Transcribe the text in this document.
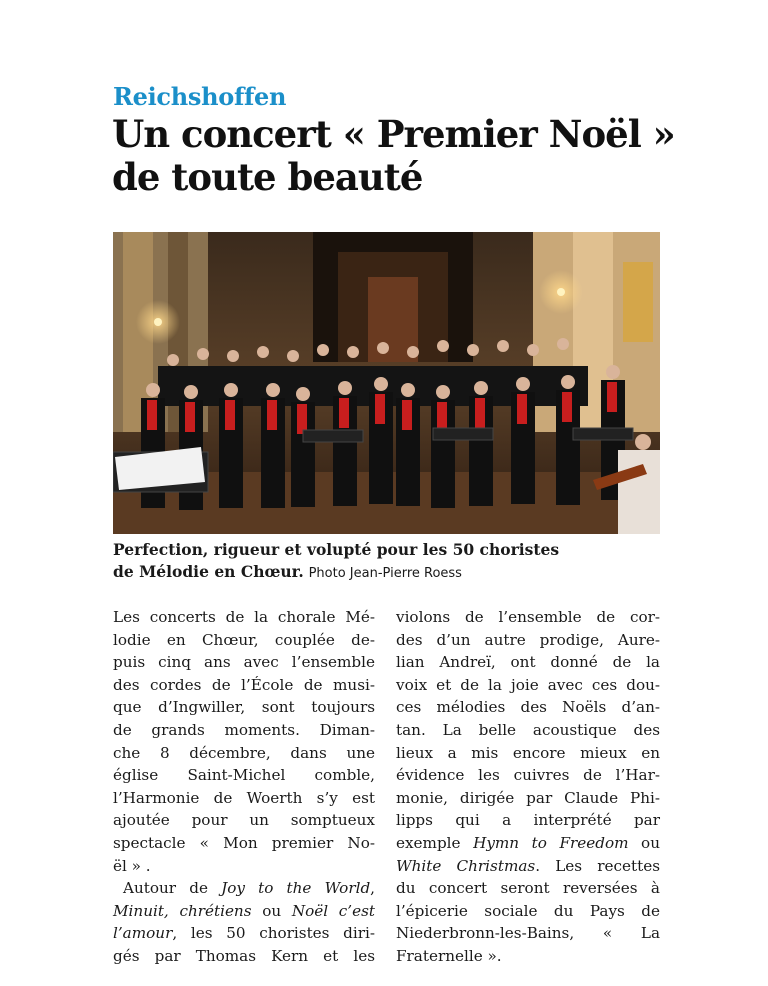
Reichshoffen
Un concert « Premier Noël »
de toute beauté
Perfection, rigueur et volupté pour les 50 choristes
de Mélodie en Chœur. Photo Jean-Pierre Roess
Les concerts de la chorale Mé-
lodie en Chœur, couplée de-
puis cinq ans avec l’ensemble
des cordes de l’École de musi-
que d’Ingwiller, sont toujours
de grands moments. Diman-
che 8 décembre, dans une
église Saint-Michel comble,
l’Harmonie de Woerth s’y est
ajoutée pour un somptueux
spectacle « Mon premier No-
ël » .
Autour de Joy to the World,
Minuit, chrétiens ou Noël c’est
l’amour, les 50 choristes diri-
gés par Thomas Kern et les
violons de l’ensemble de cor-
des d’un autre prodige, Aure-
lian Andreï, ont donné de la
voix et de la joie avec ces dou-
ces mélodies des Noëls d’an-
tan. La belle acoustique des
lieux a mis encore mieux en
évidence les cuivres de l’Har-
monie, dirigée par Claude Phi-
lipps qui a interprété par
exemple Hymn to Freedom ou
White Christmas. Les recettes
du concert seront reversées à
l’épicerie sociale du Pays de
Niederbronn-les-Bains, « La
Fraternelle ».
